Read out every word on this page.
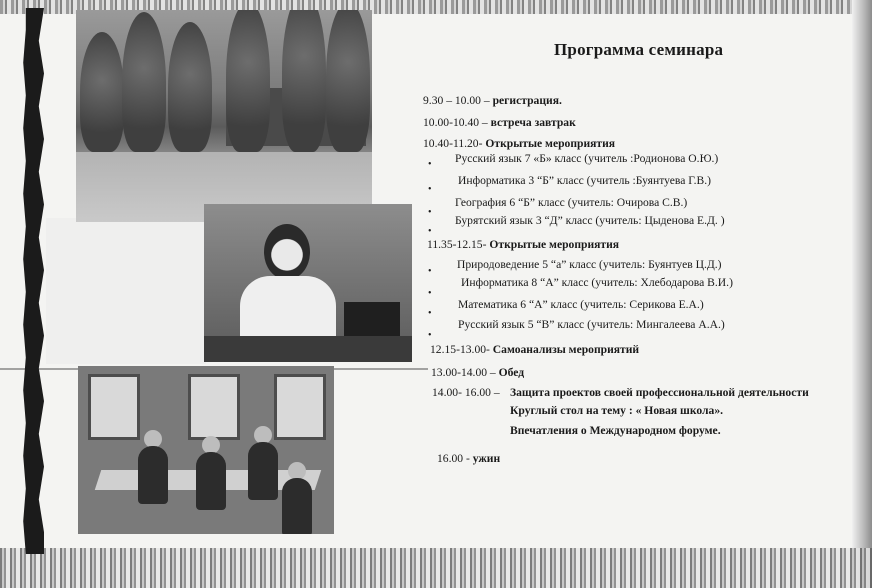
Программа семинара
9.30 – 10.00 – регистрация.
10.00-10.40 – встреча завтрак
10.40-11.20- Открытые мероприятия
• Русский язык 7 «Б» класс (учитель :Родионова О.Ю.)
•
Информатика 3 “Б” класс (учитель :Буянтуева Г.В.)
•
География 6 “Б” класс (учитель: Очирова С.В.)
•
Бурятский язык 3 “Д” класс (учитель: Цыденова Е.Д. )
11.35-12.15- Открытые мероприятия
•
Природоведение 5 “а” класс (учитель: Буянтуев Ц.Д.)
•
Информатика 8 “А” класс (учитель: Хлебодарова В.И.)
•
Математика 6 “А” класс (учитель: Серикова Е.А.)
•
Русский язык 5 “В” класс (учитель: Мингалеева А.А.)
12.15-13.00- Самоанализы мероприятий
13.00-14.00 – Обед
14.00- 16.00 –Защита проектов своей профессиональной деятельности
Круглый стол на тему : « Новая школа».
Впечатления о Международном форуме.
16.00 - ужин
